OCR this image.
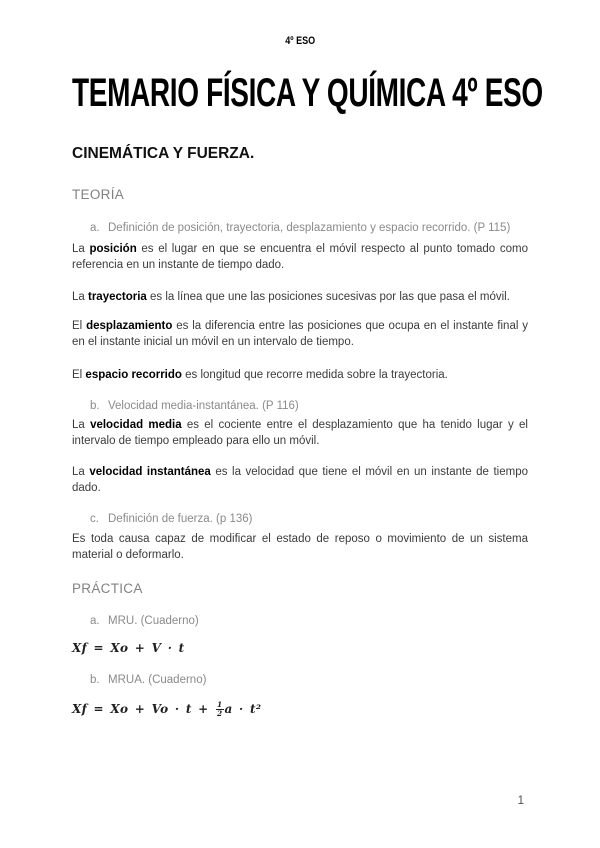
4º ESO
TEMARIO FÍSICA Y QUÍMICA 4º ESO
CINEMÁTICA Y FUERZA.
TEORÍA
a. Definición de posición, trayectoria, desplazamiento y espacio recorrido. (P 115)

La posición es el lugar en que se encuentra el móvil respecto al punto tomado como referencia en un instante de tiempo dado.

La trayectoria es la línea que une las posiciones sucesivas por las que pasa el móvil.

El desplazamiento es la diferencia entre las posiciones que ocupa en el instante final y en el instante inicial un móvil en un intervalo de tiempo.

El espacio recorrido es longitud que recorre medida sobre la trayectoria.

b. Velocidad media-instantánea. (P 116)

La velocidad media es el cociente entre el desplazamiento que ha tenido lugar y el intervalo de tiempo empleado para ello un móvil.

La velocidad instantánea es la velocidad que tiene el móvil en un instante de tiempo dado.

c. Definición de fuerza. (p 136)

Es toda causa capaz de modificar el estado de reposo o movimiento de un sistema material o deformarlo.

PRÁCTICA
a. MRU. (Cuaderno)
Xf = Xo + V · t
b. MRUA. (Cuaderno)
$Xf = Xo + Vo \cdot t + \frac{1}{2}$ a · t²
1
